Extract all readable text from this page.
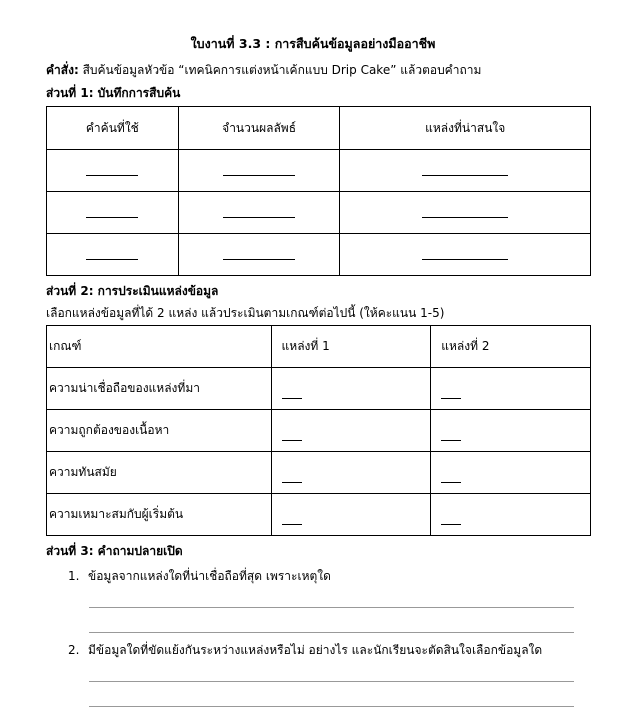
ใบงานที่ 3.3 : การสืบค้นข้อมูลอย่างมืออาชีพ
คำสั่ง: สืบค้นข้อมูลหัวข้อ “เทคนิคการแต่งหน้าเค้กแบบ Drip Cake” แล้วตอบคำถาม
ส่วนที่ 1: บันทึกการสืบค้น
คำค้นที่ใช้	จำนวนผลลัพธ์	แหล่งที่น่าสนใจ

ส่วนที่ 2: การประเมินแหล่งข้อมูล
เลือกแหล่งข้อมูลที่ได้ 2 แหล่ง แล้วประเมินตามเกณฑ์ต่อไปนี้ (ให้คะแนน 1-5)
เกณฑ์	แหล่งที่ 1	แหล่งที่ 2
ความน่าเชื่อถือของแหล่งที่มา		
ความถูกต้องของเนื้อหา		
ความทันสมัย		
ความเหมาะสมกับผู้เริ่มต้น		
ส่วนที่ 3: คำถามปลายเปิด
1. ข้อมูลจากแหล่งใดที่น่าเชื่อถือที่สุด เพราะเหตุใด
2. มีข้อมูลใดที่ขัดแย้งกันระหว่างแหล่งหรือไม่ อย่างไร และนักเรียนจะตัดสินใจเลือกข้อมูลใด
